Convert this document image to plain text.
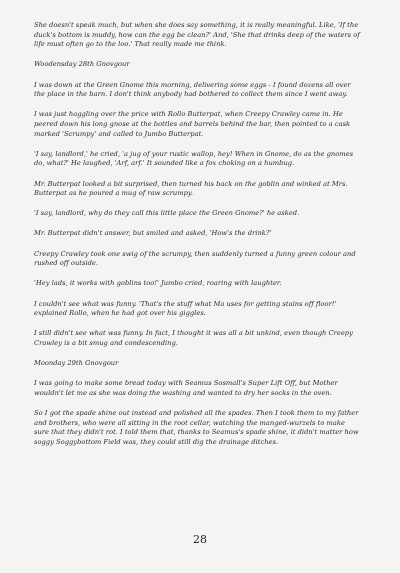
She doesn't speak much, but when she does say something, it is really meaningful. Like, 'If the duck's bottom is muddy, how can the egg be clean?' And, 'She that drinks deep of the waters of life must often go to the loo.' That really made me think.

Woodensday 28th Gnovgour

I was down at the Green Gnome this morning, delivering some eggs - I found dozens all over the place in the barn. I don't think anybody had bothered to collect them since I went away.

I was just haggling over the price with Rollo Butterpat, when Creepy Crawley came in. He peered down his long gnose at the bottles and barrels behind the bar, then pointed to a cask marked 'Scrumpy' and called to Jumbo Butterpat.

'I say, landlord,' he cried, 'a jug of your rustic wallop, hey! When in Gnome, do as the gnomes do, what?' He laughed, 'Arf, arf.' It sounded like a fox choking on a humbug.

Mr. Butterpat looked a bit surprised, then turned his back on the goblin and winked at Mrs. Butterpat as he poured a mug of raw scrumpy.

'I say, landlord, why do they call this little place the Green Gnome?' he asked.

Mr. Butterpat didn't answer, but smiled and asked, 'How's the drink?'

Creepy Crawley took one swig of the scrumpy, then suddenly turned a funny green colour and rushed off outside.

'Hey lads, it works with goblins too!' Jumbo cried, roaring with laughter.

I couldn't see what was funny. 'That's the stuff what Ma uses for getting stains off floor!' explained Rollo, when he had got over his giggles.

I still didn't see what was funny. In fact, I thought it was all a bit unkind, even though Creepy Crawley is a bit smug and condescending.

Moonday 29th Gnovgour

I was going to make some bread today with Seamus Sosmall's Super Lift Off, but Mother wouldn't let me as she was doing the washing and wanted to dry her socks in the oven.

So I got the spade shine out instead and polished all the spades. Then I took them to my father and brothers, who were all sitting in the root cellar, watching the manged-wurzels to make sure that they didn't rot. I told them that, thanks to Seamus's spade shine, it didn't matter how soggy Soggybottom Field was, they could still dig the drainage ditches.

28
